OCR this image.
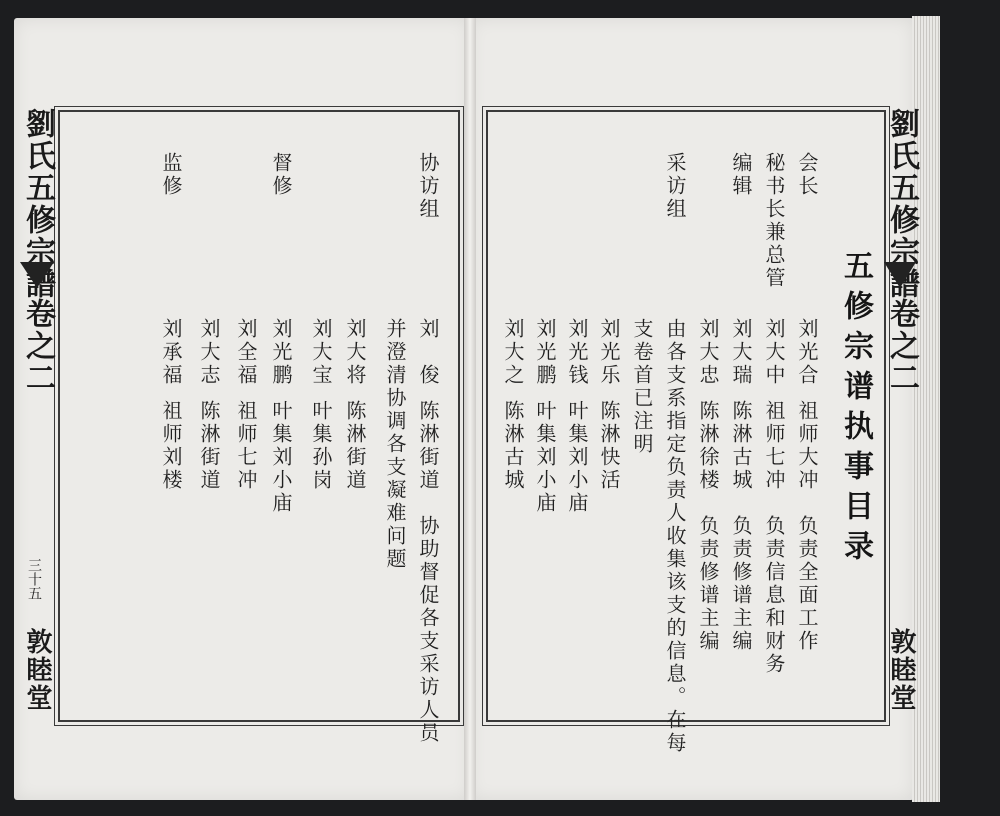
劉氏五修宗譜
卷之二
三十五
敦睦堂
劉氏五修宗譜
卷之二
敦睦堂
五修宗谱执事目录
会长
刘光合
祖师大冲　负责全面工作
秘书长兼总管
刘大中
祖师七冲　负责信息和财务
编辑
刘大瑞
陈淋古城　负责修谱主编
刘大忠
陈淋徐楼　负责修谱主编
采访组
由各支系指定负责人收集该支的信息。在每
支卷首已注明
刘光乐
陈淋快活
刘光钱
叶集刘小庙
刘光鹏
叶集刘小庙
刘大之
陈淋古城
协访组
刘　俊
陈淋街道　协助督促各支采访人员
并澄清协调各支凝难问题
刘大将
陈淋街道
刘大宝
叶集孙岗
督修
刘光鹏
叶集刘小庙
刘全福
祖师七冲
刘大志
陈淋街道
监修
刘承福
祖师刘楼
